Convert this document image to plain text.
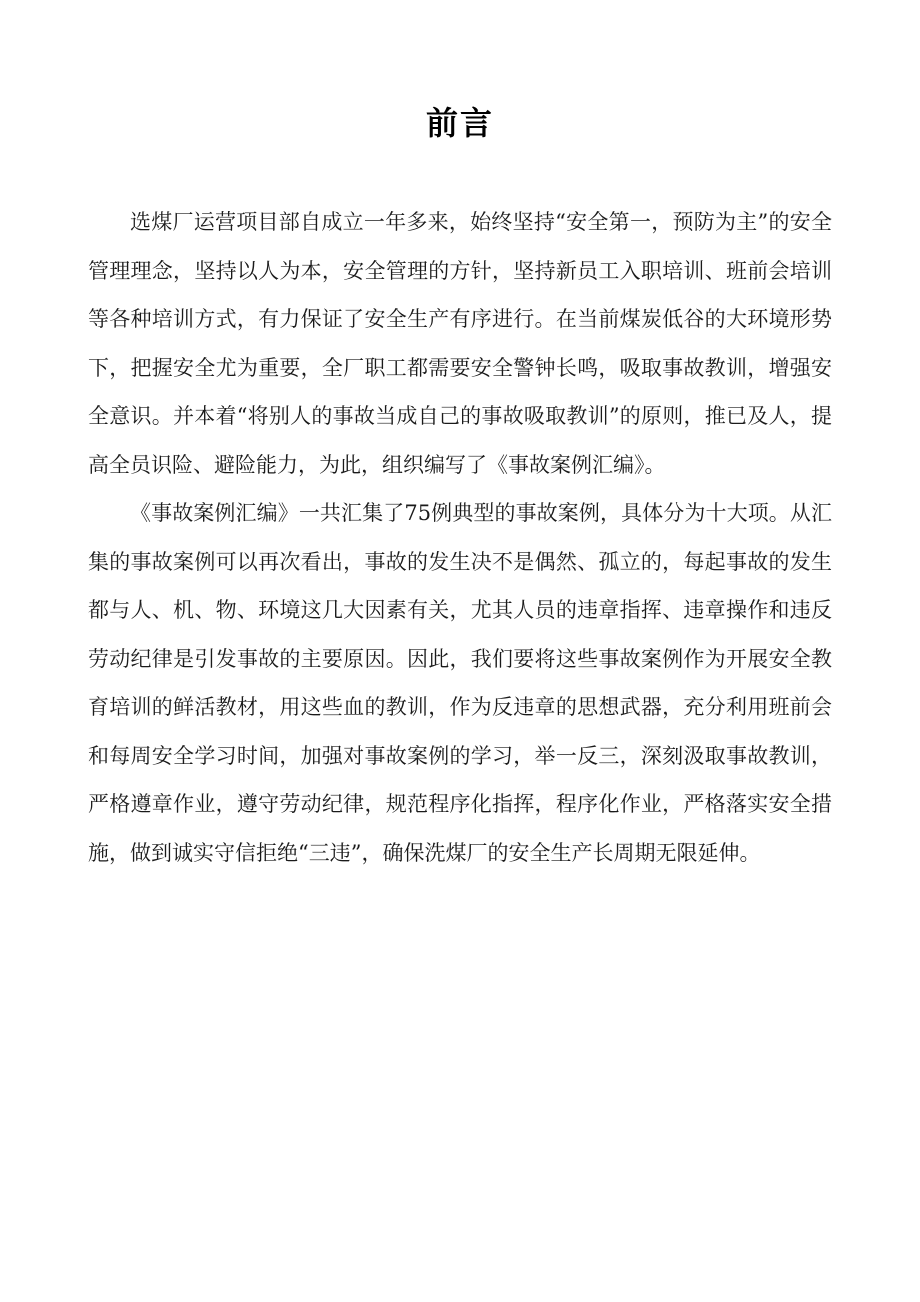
前言

选煤厂运营项目部自成立一年多来，始终坚持“安全第一，预防为主”的安全管理理念，坚持以人为本，安全管理的方针，坚持新员工入职培训、班前会培训等各种培训方式，有力保证了安全生产有序进行。在当前煤炭低谷的大环境形势下，把握安全尤为重要，全厂职工都需要安全警钟长鸣，吸取事故教训，增强安全意识。并本着“将别人的事故当成自己的事故吸取教训”的原则，推已及人，提高全员识险、避险能力，为此，组织编写了《事故案例汇编》。

《事故案例汇编》一共汇集了75例典型的事故案例，具体分为十大项。从汇集的事故案例可以再次看出，事故的发生决不是偶然、孤立的，每起事故的发生都与人、机、物、环境这几大因素有关，尤其人员的违章指挥、违章操作和违反劳动纪律是引发事故的主要原因。因此，我们要将这些事故案例作为开展安全教育培训的鲜活教材，用这些血的教训，作为反违章的思想武器，充分利用班前会和每周安全学习时间，加强对事故案例的学习，举一反三，深刻汲取事故教训，严格遵章作业，遵守劳动纪律，规范程序化指挥，程序化作业，严格落实安全措施，做到诚实守信拒绝“三违”，确保洗煤厂的安全生产长周期无限延伸。
